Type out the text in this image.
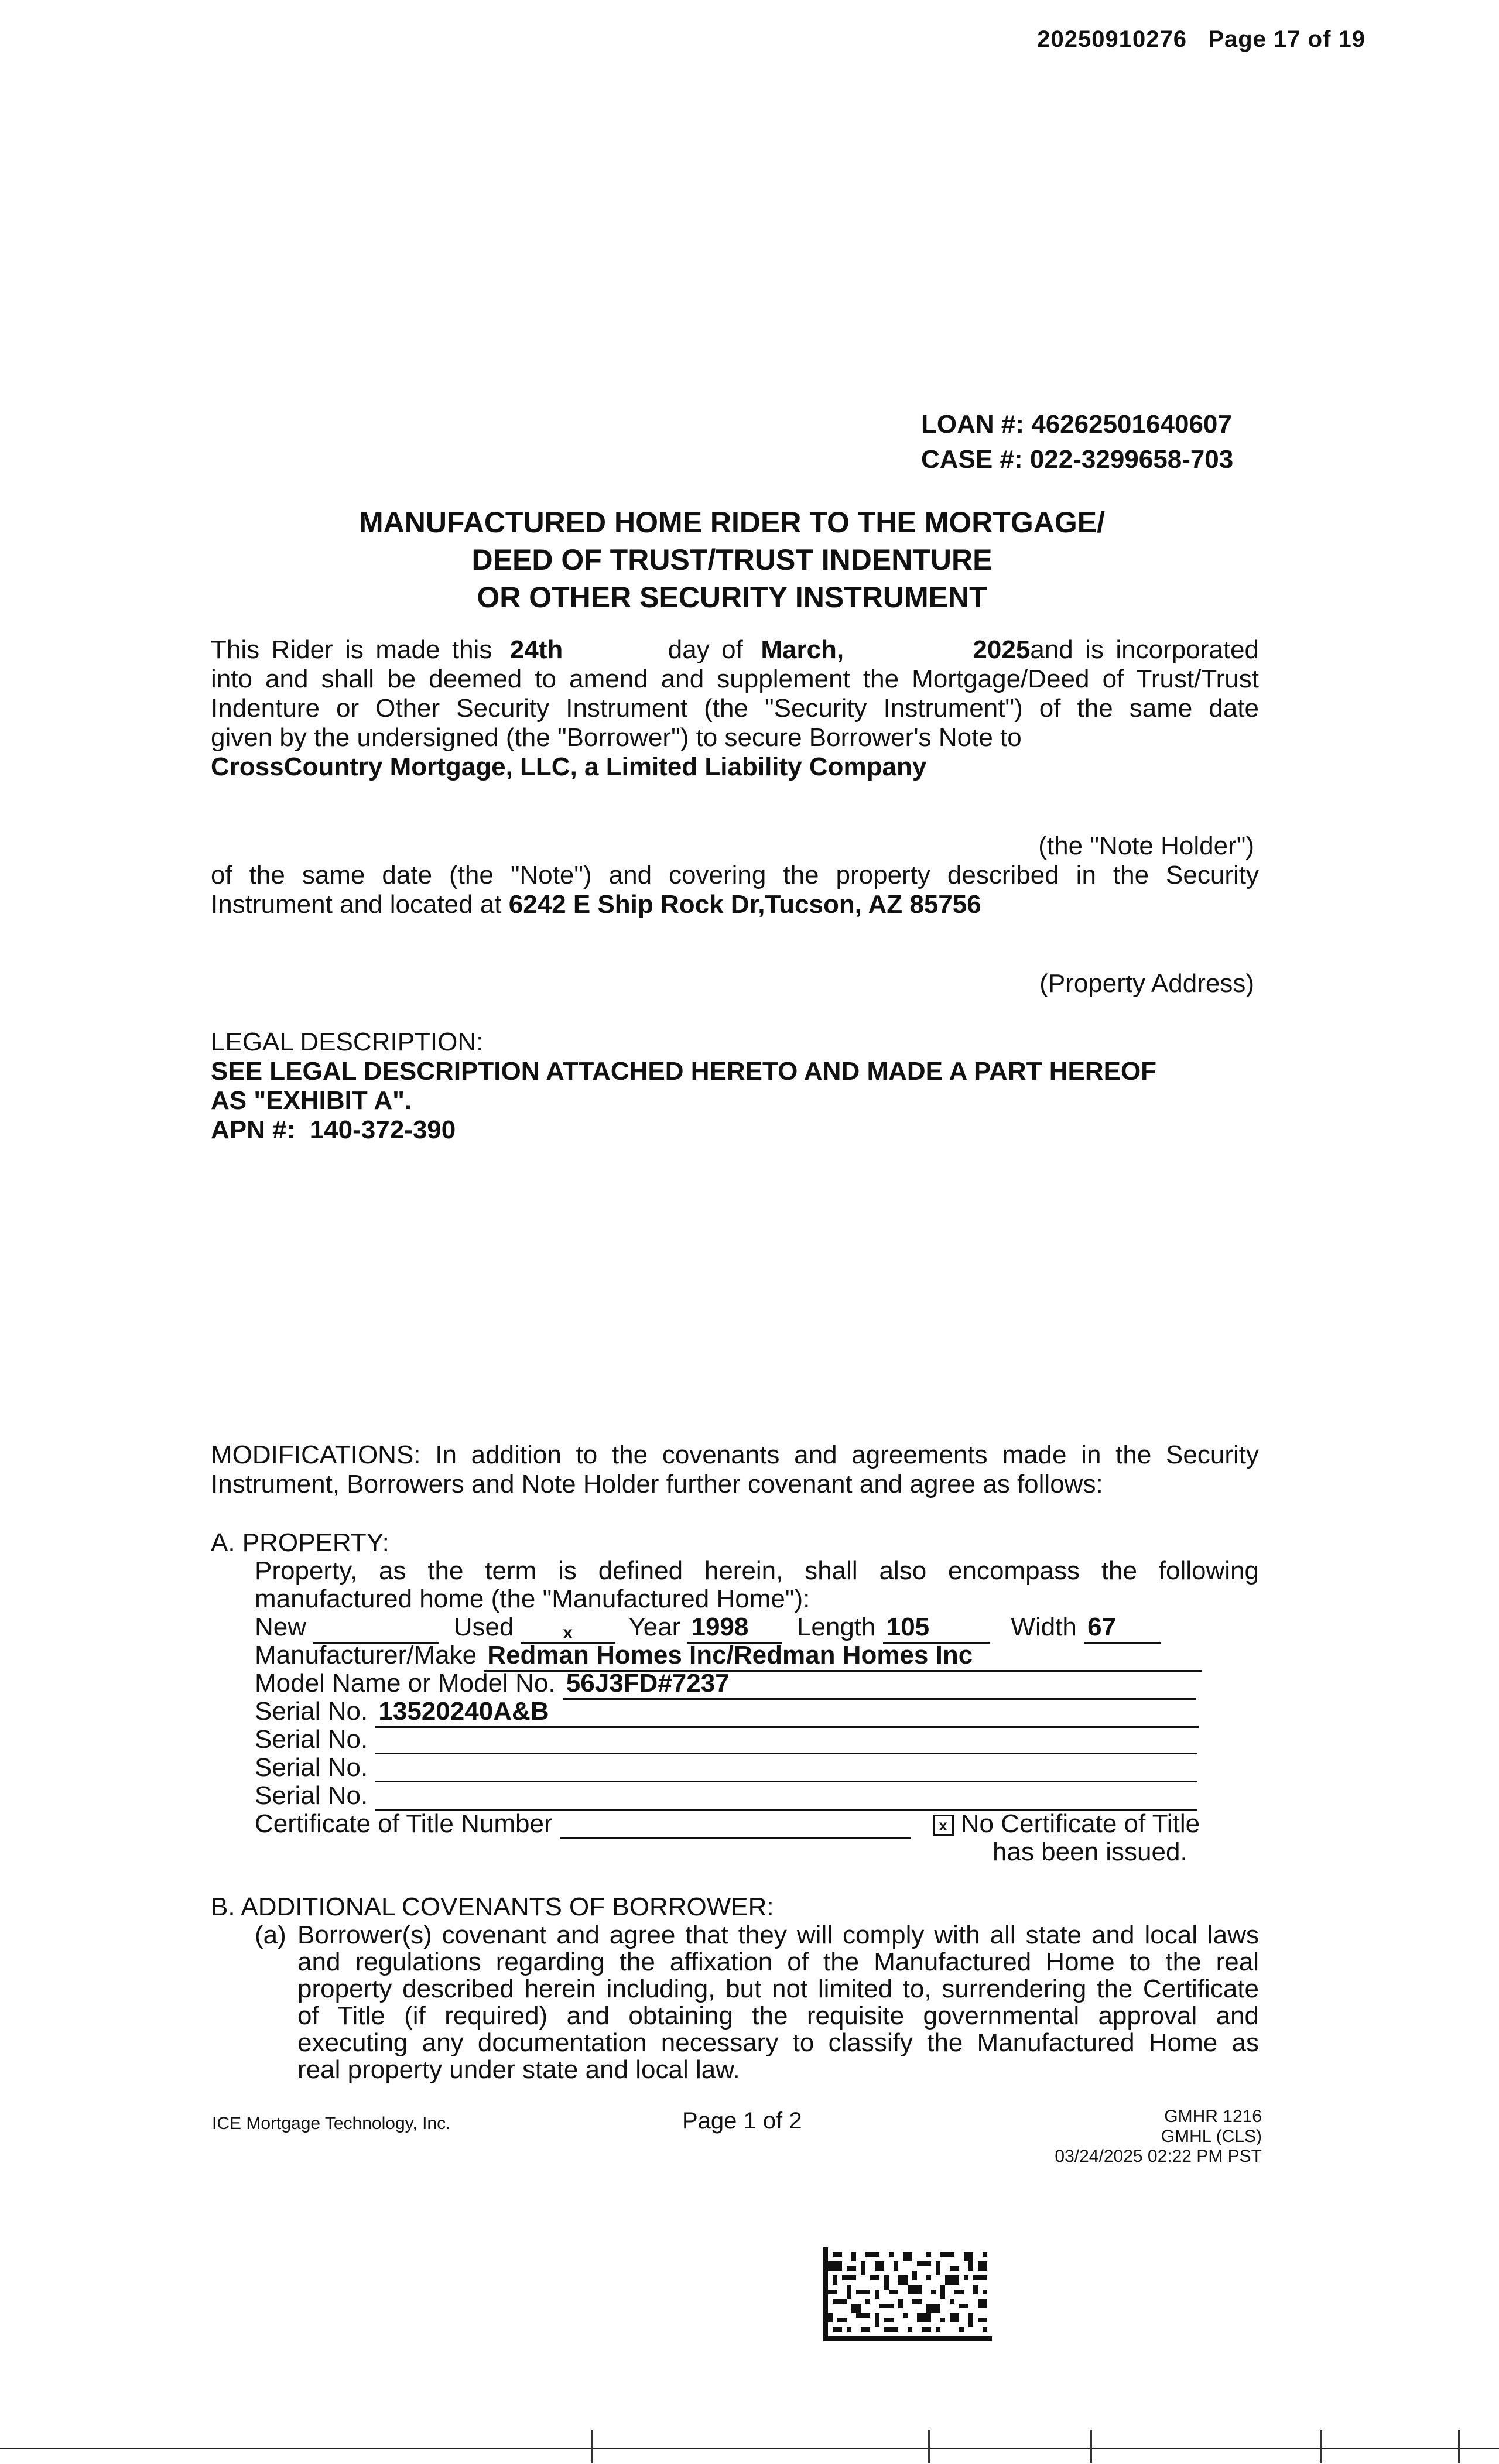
20250910276 Page 17 of 19
LOAN #: 46262501640607
CASE #: 022-3299658-703
MANUFACTURED HOME RIDER TO THE MORTGAGE/
DEED OF TRUST/TRUST INDENTURE
OR OTHER SECURITY INSTRUMENT
This Rider is made this 24th	day of March, 2025and is incorporated
into and shall be deemed to amend and supplement the Mortgage/Deed of Trust/Trust
Indenture or Other Security Instrument (the "Security Instrument") of the same date
given by the undersigned (the "Borrower") to secure Borrower's Note to
CrossCountry Mortgage, LLC, a Limited Liability Company
(the "Note Holder")
of the same date (the "Note") and covering the property described in the Security
Instrument and located at 6242 E Ship Rock Dr,Tucson, AZ 85756
(Property Address)
LEGAL DESCRIPTION:
SEE LEGAL DESCRIPTION ATTACHED HERETO AND MADE A PART HEREOF
AS "EXHIBIT A".
APN #: 140-372-390
MODIFICATIONS: In addition to the covenants and agreements made in the Security
Instrument, Borrowers and Note Holder further covenant and agree as follows:
A. PROPERTY:
Property, as the term is defined herein, shall also encompass the following
manufactured home (the "Manufactured Home"):
New	Used	x Year 1998 Length 105	Width 67
Manufacturer/Make Redman Homes Inc/Redman Homes Inc
Model Name or Model No. 56J3FD#7237
Serial No. 13520240A&B
Serial No.
Serial No.
Serial No.
Certificate of Title Number	x No Certificate of Title
has been issued.
B. ADDITIONAL COVENANTS OF BORROWER:
(a) Borrower(s) covenant and agree that they will comply with all state and local laws
and regulations regarding the affixation of the Manufactured Home to the real
property described herein including, but not limited to, surrendering the Certificate
of Title (if required) and obtaining the requisite governmental approval and
executing any documentation necessary to classify the Manufactured Home as
real property under state and local law.
ICE Mortgage Technology, Inc.	Page 1 of 2	GMHR 1216
GMHL (CLS)
03/24/2025 02:22 PM PST
